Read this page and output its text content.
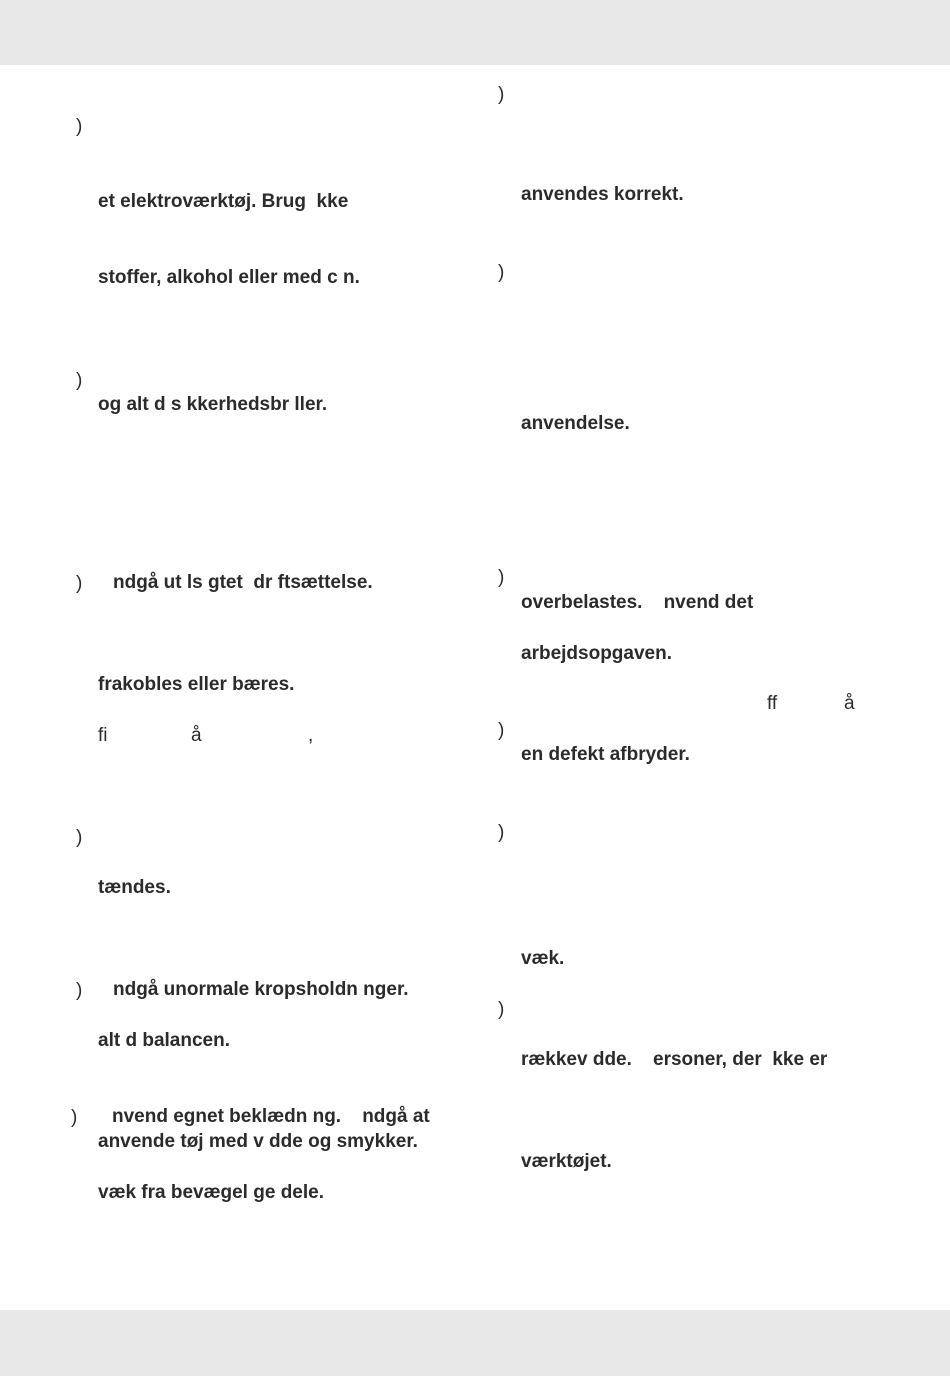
)
et elektroværktøj. Brug  kke
stoffer, alkohol eller med c n.
)
og alt d s kkerhedsbr ller.
) ndgå ut ls gtet  dr ftsættelse.
frakobles eller bæres.
fi	å	,
)
tændes.
) ndgå unormale kropsholdn nger.
alt d balancen.
) nvend egnet beklædn ng.    ndgå at
anvende tøj med v dde og smykker.
væk fra bevægel ge dele.
)
anvendes korrekt.
)
anvendelse.
)
overbelastes.    nvend det
arbejdsopgaven.
ff	å
)
en defekt afbryder.
)
væk.
)
rækkev dde.    ersoner, der  kke er
værktøjet.
